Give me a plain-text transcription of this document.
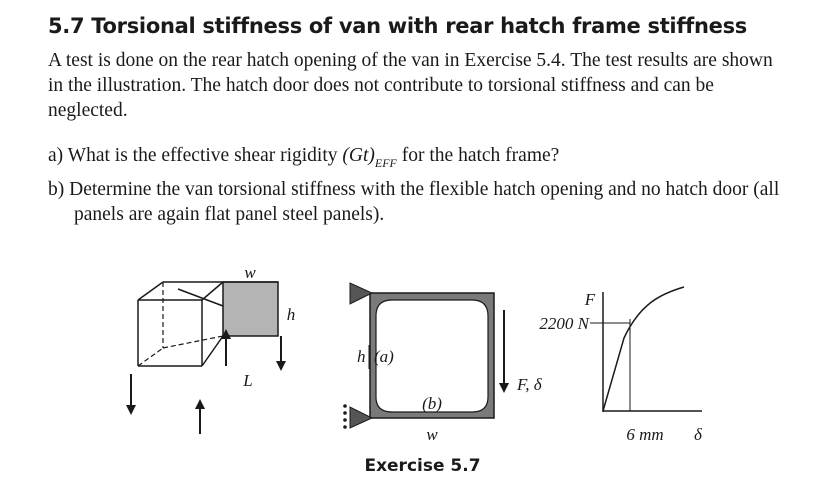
5.7 Torsional stiffness of van with rear hatch frame stiffness
A test is done on the rear hatch opening of the van in Exercise 5.4. The test results are shown in the illustration. The hatch door does not contribute to torsional stiffness and can be neglected.
a) What is the effective shear rigidity $(Gt)_{EFF}$ for the hatch frame?
b) Determine the van torsional stiffness with the flexible hatch opening and no hatch door (all panels are again flat panel steel panels).
w
h
L
h (a)
(b)
w
F
2200 N
F, δ
6 mm δ
Exercise 5.7
